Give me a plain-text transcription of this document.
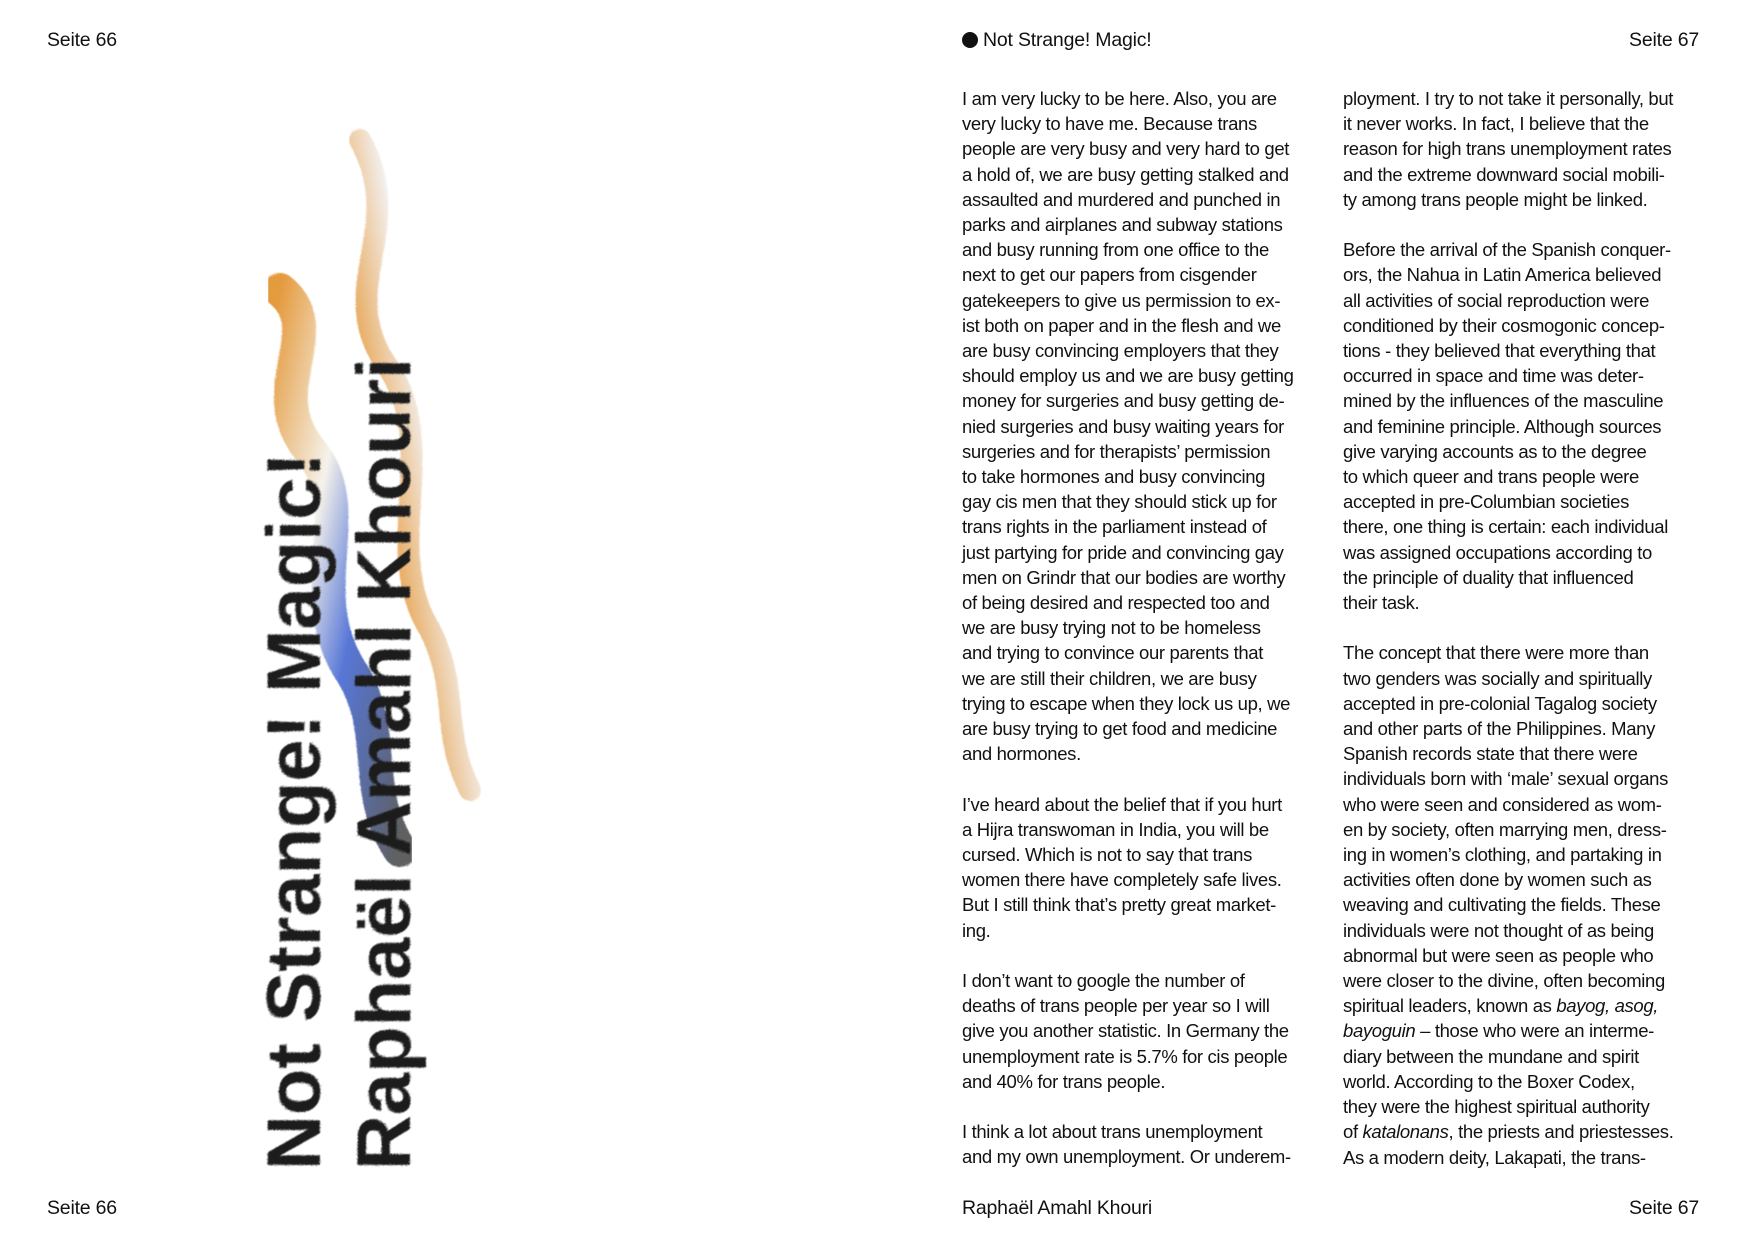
Seite 66
Seite 66
Not Strange! Magic! Raphaël Amahl Khouri
Not Strange! Magic!	Seite 67
Raphaël Amahl Khouri	Seite 67

I am very lucky to be here. Also, you are
very lucky to have me. Because trans
people are very busy and very hard to get
a hold of, we are busy getting stalked and
assaulted and murdered and punched in
parks and airplanes and subway stations
and busy running from one office to the
next to get our papers from cisgender
gatekeepers to give us permission to ex-
ist both on paper and in the flesh and we
are busy convincing employers that they
should employ us and we are busy getting
money for surgeries and busy getting de-
nied surgeries and busy waiting years for
surgeries and for therapists’ permission
to take hormones and busy convincing
gay cis men that they should stick up for
trans rights in the parliament instead of
just partying for pride and convincing gay
men on Grindr that our bodies are worthy
of being desired and respected too and
we are busy trying not to be homeless
and trying to convince our parents that
we are still their children, we are busy
trying to escape when they lock us up, we
are busy trying to get food and medicine
and hormones.

I’ve heard about the belief that if you hurt
a Hijra transwoman in India, you will be
cursed. Which is not to say that trans
women there have completely safe lives.
But I still think that’s pretty great market-
ing.

I don’t want to google the number of
deaths of trans people per year so I will
give you another statistic. In Germany the
unemployment rate is 5.7% for cis people
and 40% for trans people.

I think a lot about trans unemployment
and my own unemployment. Or underem-

ployment. I try to not take it personally, but
it never works. In fact, I believe that the
reason for high trans unemployment rates
and the extreme downward social mobili-
ty among trans people might be linked.

Before the arrival of the Spanish conquer-
ors, the Nahua in Latin America believed
all activities of social reproduction were
conditioned by their cosmogonic concep-
tions - they believed that everything that
occurred in space and time was deter-
mined by the influences of the masculine
and feminine principle. Although sources
give varying accounts as to the degree
to which queer and trans people were
accepted in pre-Columbian societies
there, one thing is certain: each individual
was assigned occupations according to
the principle of duality that influenced
their task.

The concept that there were more than
two genders was socially and spiritually
accepted in pre-colonial Tagalog society
and other parts of the Philippines. Many
Spanish records state that there were
individuals born with ‘male’ sexual organs
who were seen and considered as wom-
en by society, often marrying men, dress-
ing in women’s clothing, and partaking in
activities often done by women such as
weaving and cultivating the fields. These
individuals were not thought of as being
abnormal but were seen as people who
were closer to the divine, often becoming
spiritual leaders, known as bayog, asog,
bayoguin – those who were an interme-
diary between the mundane and spirit
world. According to the Boxer Codex,
they were the highest spiritual authority
of katalonans, the priests and priestesses.
As a modern deity, Lakapati, the trans-
